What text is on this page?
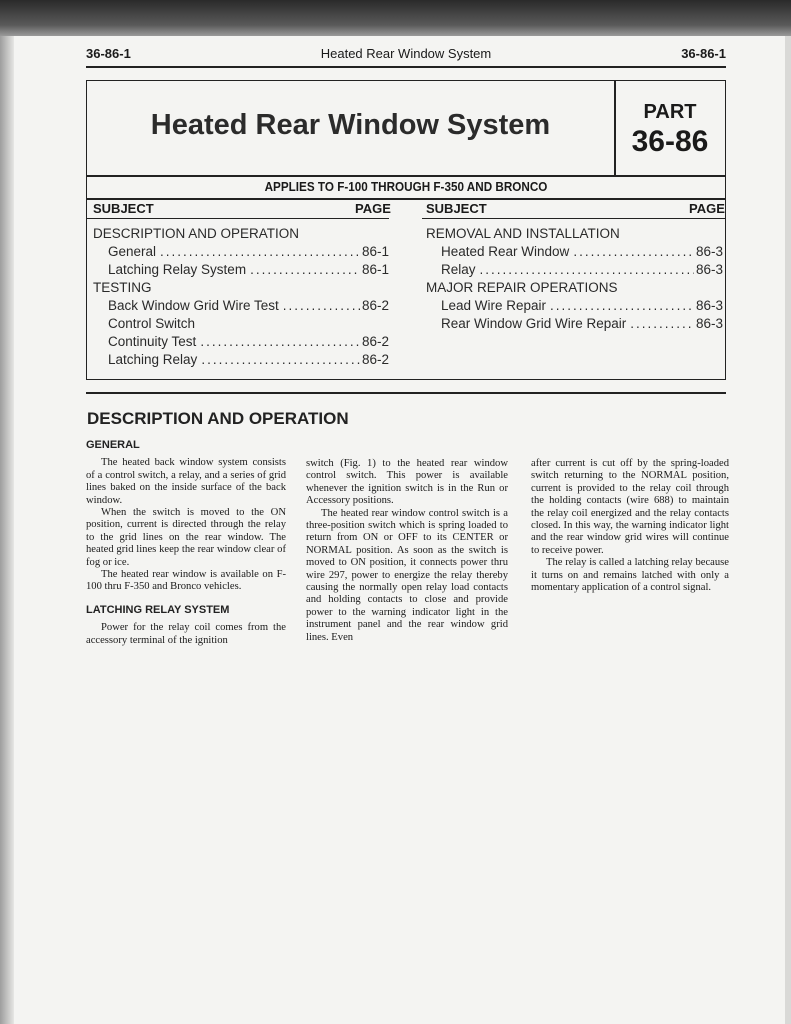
Heated Rear Window System
36-86-1	36-86-1
Heated Rear Window System	PART
36-86
APPLIES TO F-100 THROUGH F-350 AND BRONCO
SUBJECT	PAGE	SUBJECT	PAGE
DESCRIPTION AND OPERATION
General .....	86-1
Latching Relay System .....	86-1
TESTING
Back Window Grid Wire Test .....	86-2
Control Switch
Continuity Test .....	86-2
Latching Relay .....	86-2
REMOVAL AND INSTALLATION
Heated Rear Window .....	86-3
Relay .....	86-3
MAJOR REPAIR OPERATIONS
Lead Wire Repair .....	86-3
Rear Window Grid Wire Repair .....	86-3
DESCRIPTION AND OPERATION
GENERAL

The heated back window system consists of a control switch, a relay, and a series of grid lines baked on the inside surface of the back window.

When the switch is moved to the ON position, current is directed through the relay to the grid lines on the rear window. The heated grid lines keep the rear window clear of fog or ice.

The heated rear window is available on F-100 thru F-350 and Bronco vehicles.

LATCHING RELAY SYSTEM

Power for the relay coil comes from the accessory terminal of the ignition

switch (Fig. 1) to the heated rear window control switch. This power is available whenever the ignition switch is in the Run or Accessory positions.

The heated rear window control switch is a three-position switch which is spring loaded to return from ON or OFF to its CENTER or NORMAL position. As soon as the switch is moved to ON position, it connects power thru wire 297, power to energize the relay thereby causing the normally open relay load contacts and holding contacts to close and provide power to the warning indicator light in the instrument panel and the rear window grid lines. Even

after current is cut off by the spring-loaded switch returning to the NORMAL position, current is provided to the relay coil through the holding contacts (wire 688) to maintain the relay coil energized and the relay contacts closed. In this way, the warning indicator light and the rear window grid wires will continue to receive power.

The relay is called a latching relay because it turns on and remains latched with only a momentary application of a control signal.
